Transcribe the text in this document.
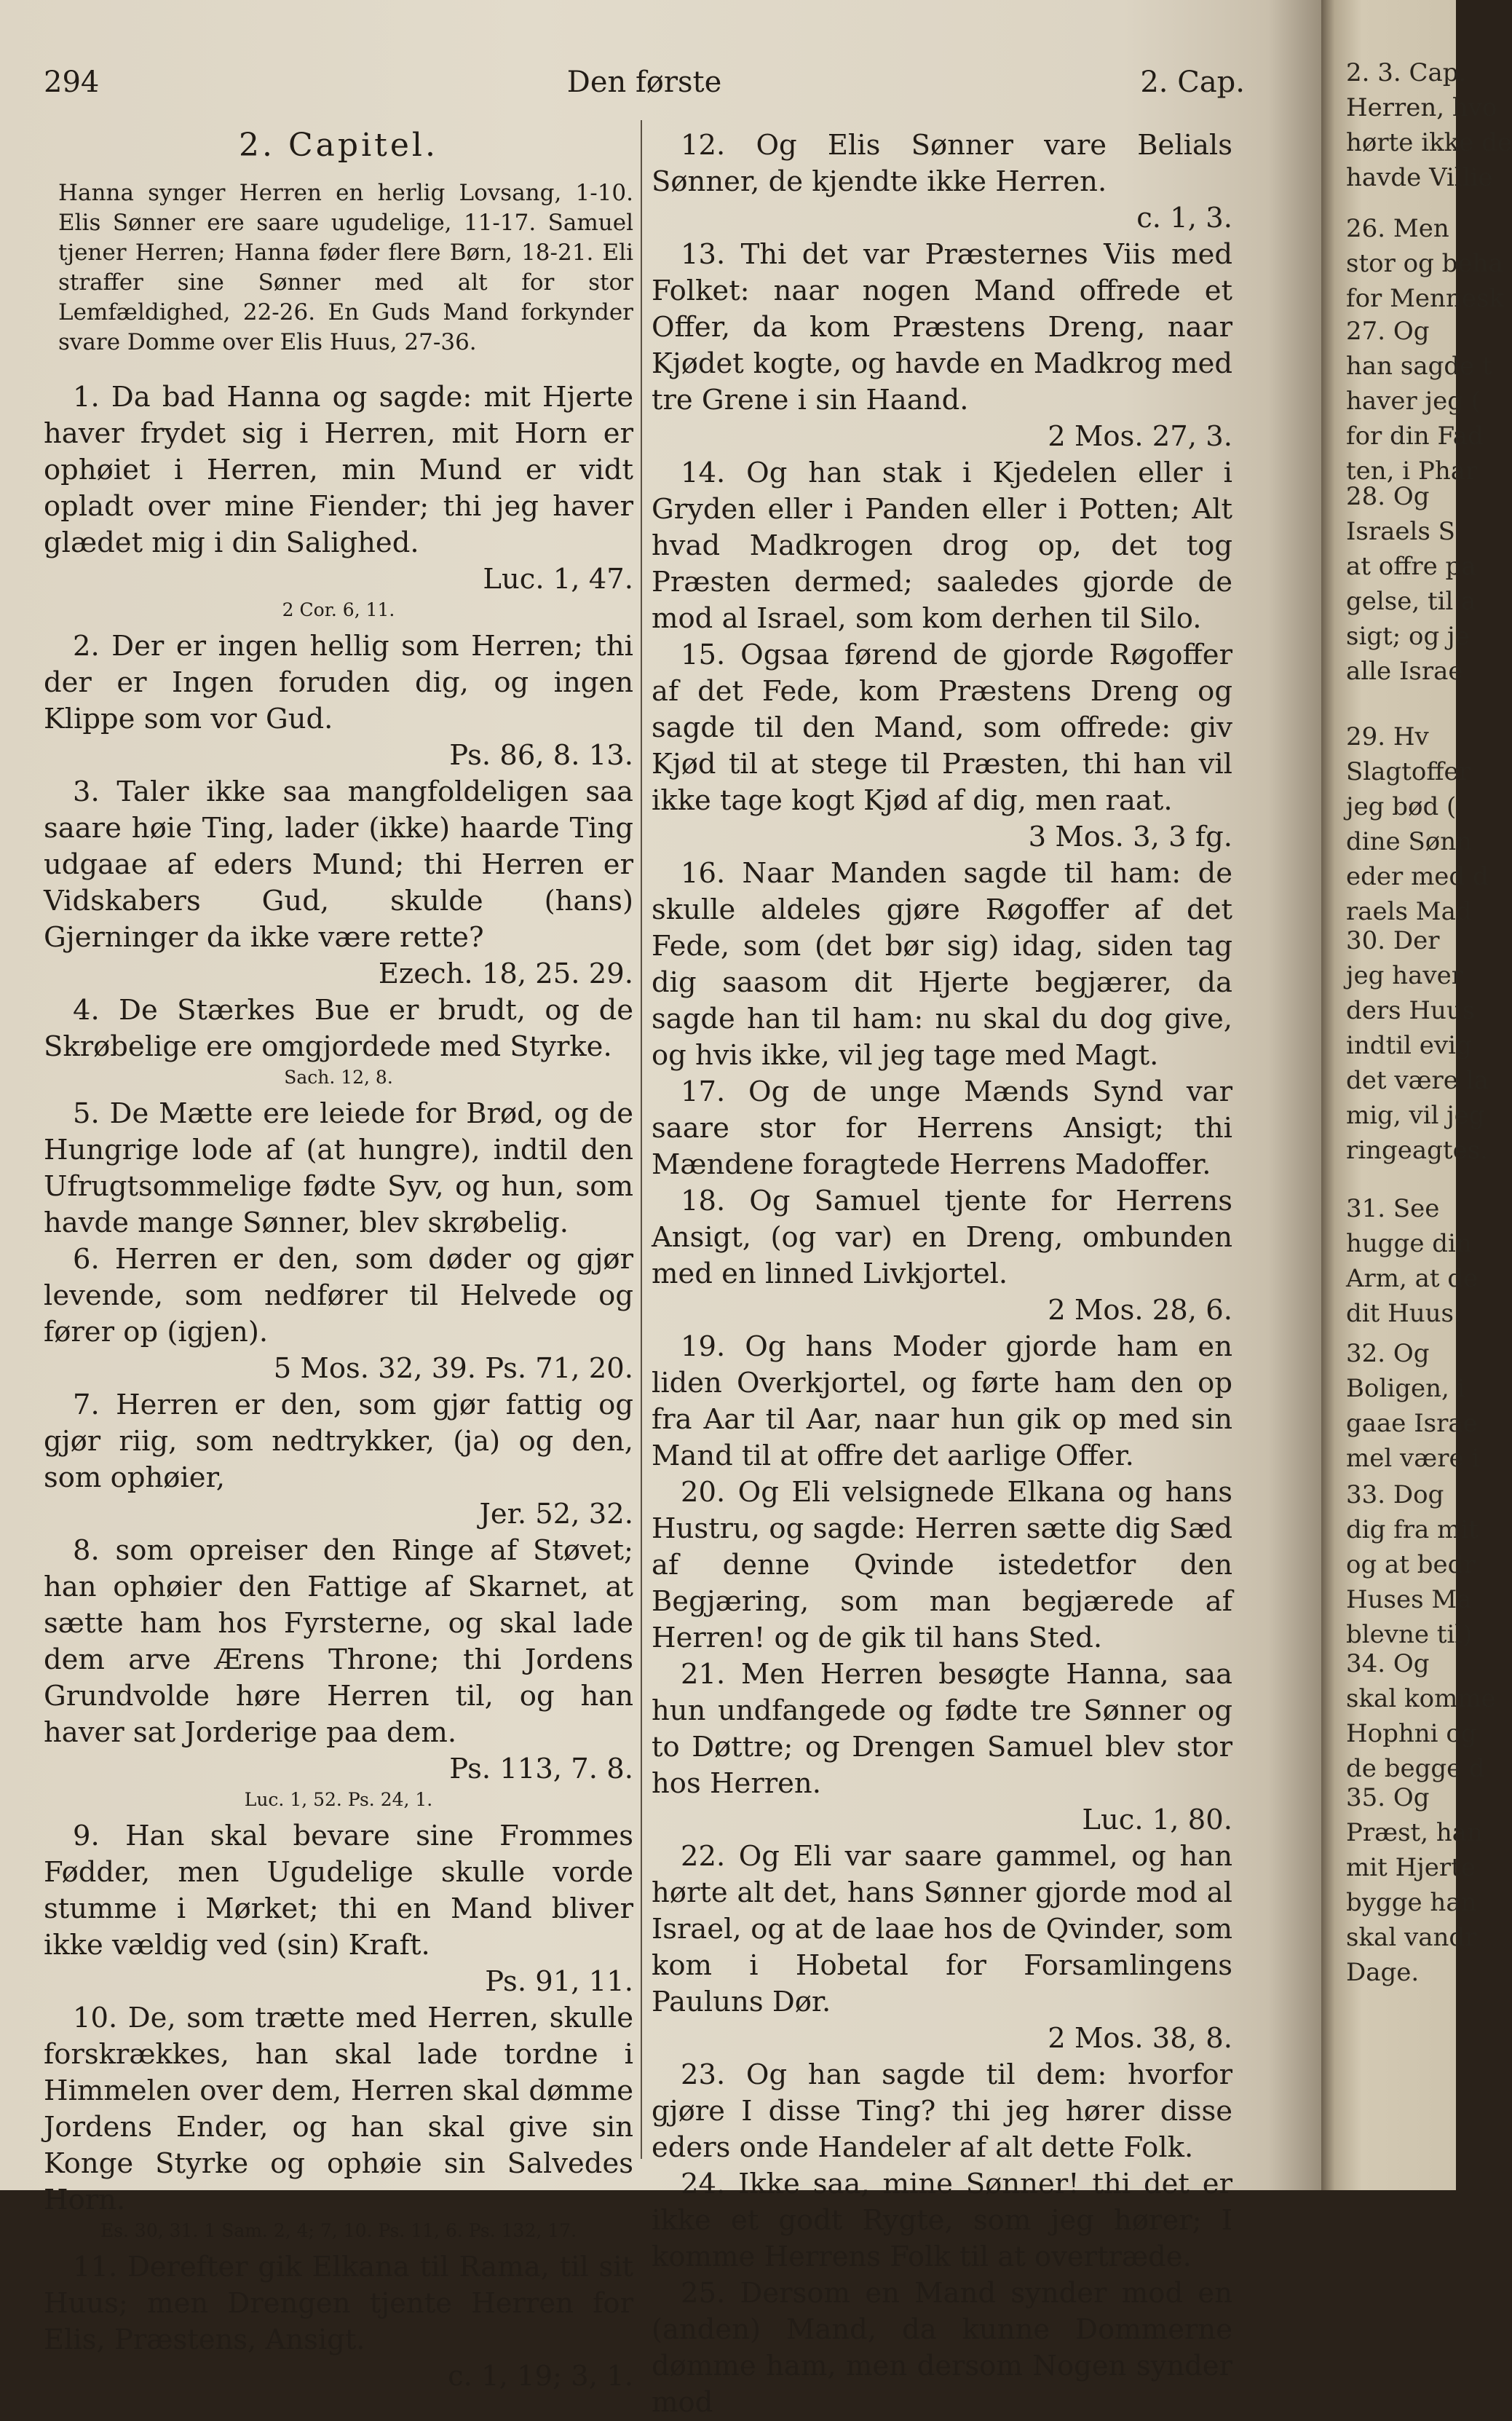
294	Den første	2. Cap.
2. Capitel.
Hanna synger Herren en herlig Lovsang, 1-10. Elis Sønner ere saare ugudelige, 11-17. Samuel tjener Herren; Hanna føder flere Børn, 18-21. Eli straffer sine Sønner med alt for stor Lemfældighed, 22-26. En Guds Mand forkynder svare Domme over Elis Huus, 27-36.
1. Da bad Hanna og sagde: mit Hjerte haver frydet sig i Herren, mit Horn er ophøiet i Herren, min Mund er vidt opladt over mine Fiender; thi jeg haver glædet mig i din Salighed.
Luc. 1, 47.
2 Cor. 6, 11.
2. Der er ingen hellig som Herren; thi der er Ingen foruden dig, og ingen Klippe som vor Gud.
Ps. 86, 8. 13.
3. Taler ikke saa mangfoldeligen saa saare høie Ting, lader (ikke) haarde Ting udgaae af eders Mund; thi Herren er Vidskabers Gud, skulde (hans) Gjerninger da ikke være rette?
Ezech. 18, 25. 29.
4. De Stærkes Bue er brudt, og de Skrøbelige ere omgjordede med Styrke.
Sach. 12, 8.
5. De Mætte ere leiede for Brød, og de Hungrige lode af (at hungre), indtil den Ufrugtsommelige fødte Syv, og hun, som havde mange Sønner, blev skrøbelig.
6. Herren er den, som døder og gjør levende, som nedfører til Helvede og fører op (igjen).
5 Mos. 32, 39. Ps. 71, 20.
7. Herren er den, som gjør fattig og gjør riig, som nedtrykker, (ja) og den, som ophøier,
Jer. 52, 32.
8. som opreiser den Ringe af Støvet; han ophøier den Fattige af Skarnet, at sætte ham hos Fyrsterne, og skal lade dem arve Ærens Throne; thi Jordens Grundvolde høre Herren til, og han haver sat Jorderige paa dem.
Ps. 113, 7. 8.
Luc. 1, 52. Ps. 24, 1.
9. Han skal bevare sine Frommes Fødder, men Ugudelige skulle vorde stumme i Mørket; thi en Mand bliver ikke vældig ved (sin) Kraft.
Ps. 91, 11.
10. De, som trætte med Herren, skulle forskrækkes, han skal lade tordne i Himmelen over dem, Herren skal dømme Jordens Ender, og han skal give sin Konge Styrke og ophøie sin Salvedes Horn.
Es. 30, 31. 1 Sam. 2, 4; 7, 10. Ps. 11, 6. Ps. 132, 17.
11. Derefter gik Elkana til Rama, til sit Huus; men Drengen tjente Herren for Elis, Præstens, Ansigt.
c. 1, 19; 3, 1.
12. Og Elis Sønner vare Belials Sønner, de kjendte ikke Herren.
c. 1, 3.
13. Thi det var Præsternes Viis med Folket: naar nogen Mand offrede et Offer, da kom Præstens Dreng, naar Kjødet kogte, og havde en Madkrog med tre Grene i sin Haand.
2 Mos. 27, 3.
14. Og han stak i Kjedelen eller i Gryden eller i Panden eller i Potten; Alt hvad Madkrogen drog op, det tog Præsten dermed; saaledes gjorde de mod al Israel, som kom derhen til Silo.
15. Ogsaa førend de gjorde Røgoffer af det Fede, kom Præstens Dreng og sagde til den Mand, som offrede: giv Kjød til at stege til Præsten, thi han vil ikke tage kogt Kjød af dig, men raat.
3 Mos. 3, 3 fg.
16. Naar Manden sagde til ham: de skulle aldeles gjøre Røgoffer af det Fede, som (det bør sig) idag, siden tag dig saasom dit Hjerte begjærer, da sagde han til ham: nu skal du dog give, og hvis ikke, vil jeg tage med Magt.
17. Og de unge Mænds Synd var saare stor for Herrens Ansigt; thi Mændene foragtede Herrens Madoffer.
18. Og Samuel tjente for Herrens Ansigt, (og var) en Dreng, ombunden med en linned Livkjortel.
2 Mos. 28, 6.
19. Og hans Moder gjorde ham en liden Overkjortel, og førte ham den op fra Aar til Aar, naar hun gik op med sin Mand til at offre det aarlige Offer.
20. Og Eli velsignede Elkana og hans Hustru, og sagde: Herren sætte dig Sæd af denne Qvinde istedetfor den Begjæring, som man begjærede af Herren! og de gik til hans Sted.
21. Men Herren besøgte Hanna, saa hun undfangede og fødte tre Sønner og to Døttre; og Drengen Samuel blev stor hos Herren.
Luc. 1, 80.
22. Og Eli var saare gammel, og han hørte alt det, hans Sønner gjorde mod al Israel, og at de laae hos de Qvinder, som kom i Hobetal for Forsamlingens Pauluns Dør.
2 Mos. 38, 8.
23. Og han sagde til dem: hvorfor gjøre I disse Ting? thi jeg hører disse eders onde Handeler af alt dette Folk.
24. Ikke saa, mine Sønner! thi det er ikke et godt Rygte, som jeg hører; I komme Herrens Folk til at overtræde.
25. Dersom en Mand synder mod en (anden) Mand, da kunne Dommerne dømme ham, men dersom Nogen synder mod
2. 3. Cap.
Herren, hvo
hørte ikke de
havde Villie
26. Men
stor og beha
for Mennesk
27. Og
han sagde t
haver jeg (
for din Fad
ten, i Phar
28. Og
Israels S
at offre pa
gelse, til a
sigt; og je
alle Israe
29. Hv
Slagtoffer
jeg bød (
dine Sønn
eder med d
raels Mad
30. Der
jeg haver
ders Huus
indtil evig
det være la
mig, vil jeg
ringeagtes.
31. See
hugge din
Arm, at de
dit Huus.
32. Og
Boligen, i
gaae Israe
mel være i
33. Dog
dig fra mit
og at bedr
Huses Ma
blevne til)
34. Og
skal komme
Hophni og
de begge d
35. Og
Præst, han
mit Hjerte
bygge han
skal vandr
Dage.
